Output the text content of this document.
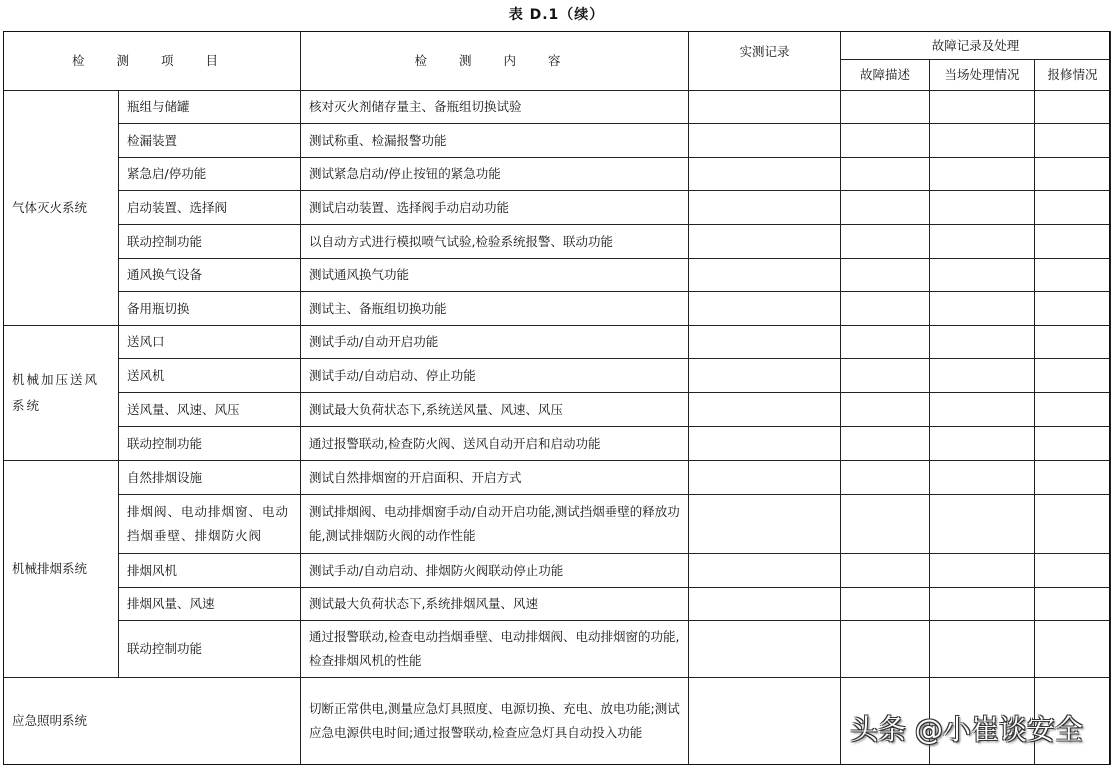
表 D.1（续）
检 测 项 目		检 测 内 容	实测记录	故障记录及处理		
				故障描述	当场处理情况	报修情况
气体灭火系统	瓶组与储罐	核对灭火剂储存量主、备瓶组切换试验				
	检漏装置	测试称重、检漏报警功能				
	紧急启/停功能	测试紧急启动/停止按钮的紧急功能				
	启动装置、选择阀	测试启动装置、选择阀手动启动功能				
	联动控制功能	以自动方式进行模拟喷气试验,检验系统报警、联动功能				
	通风换气设备	测试通风换气功能				
	备用瓶切换	测试主、备瓶组切换功能				
机械加压送风系统	送风口	测试手动/自动开启功能				
	送风机	测试手动/自动启动、停止功能				
	送风量、风速、风压	测试最大负荷状态下,系统送风量、风速、风压				
	联动控制功能	通过报警联动,检查防火阀、送风自动开启和启动功能				
机械排烟系统	自然排烟设施	测试自然排烟窗的开启面积、开启方式				
	排烟阀、电动排烟窗、电动挡烟垂壁、排烟防火阀	测试排烟阀、电动排烟窗手动/自动开启功能,测试挡烟垂壁的释放功能,测试排烟防火阀的动作性能				
	排烟风机	测试手动/自动启动、排烟防火阀联动停止功能				
	排烟风量、风速	测试最大负荷状态下,系统排烟风量、风速				
	联动控制功能	通过报警联动,检查电动挡烟垂壁、电动排烟阀、电动排烟窗的功能,检查排烟风机的性能				
应急照明系统		切断正常供电,测量应急灯具照度、电源切换、充电、放电功能;测试应急电源供电时间;通过报警联动,检查应急灯具自动投入功能					头条 @小崔谈安全
